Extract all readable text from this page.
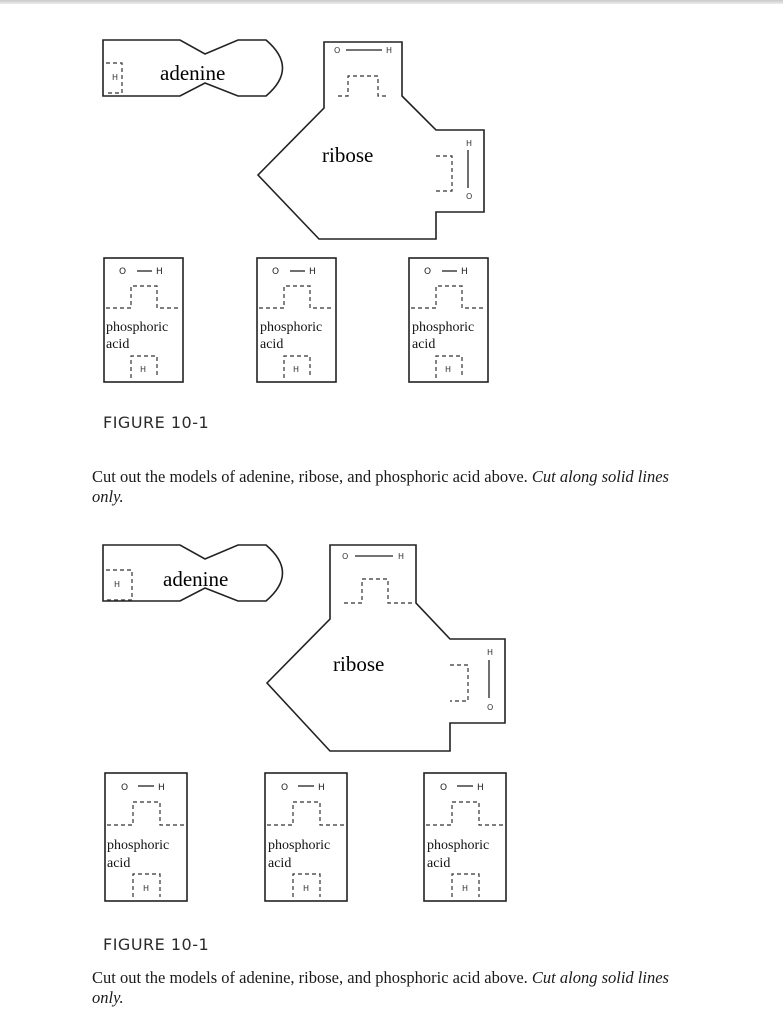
adenine
ribose
H
O	H
H
O
O	H	O	H	O	H
H	H	H
phosphoric
acid
phosphoric
acid
phosphoric
acid
FIGURE 10-1
Cut out the models of adenine, ribose, and phosphoric acid above. Cut along solid lines only.
adenine
ribose
H
O	H
H
O
O	H	O	H	O	H
H	H	H
phosphoric
acid
phosphoric
acid
phosphoric
acid
FIGURE 10-1
Cut out the models of adenine, ribose, and phosphoric acid above. Cut along solid lines only.
